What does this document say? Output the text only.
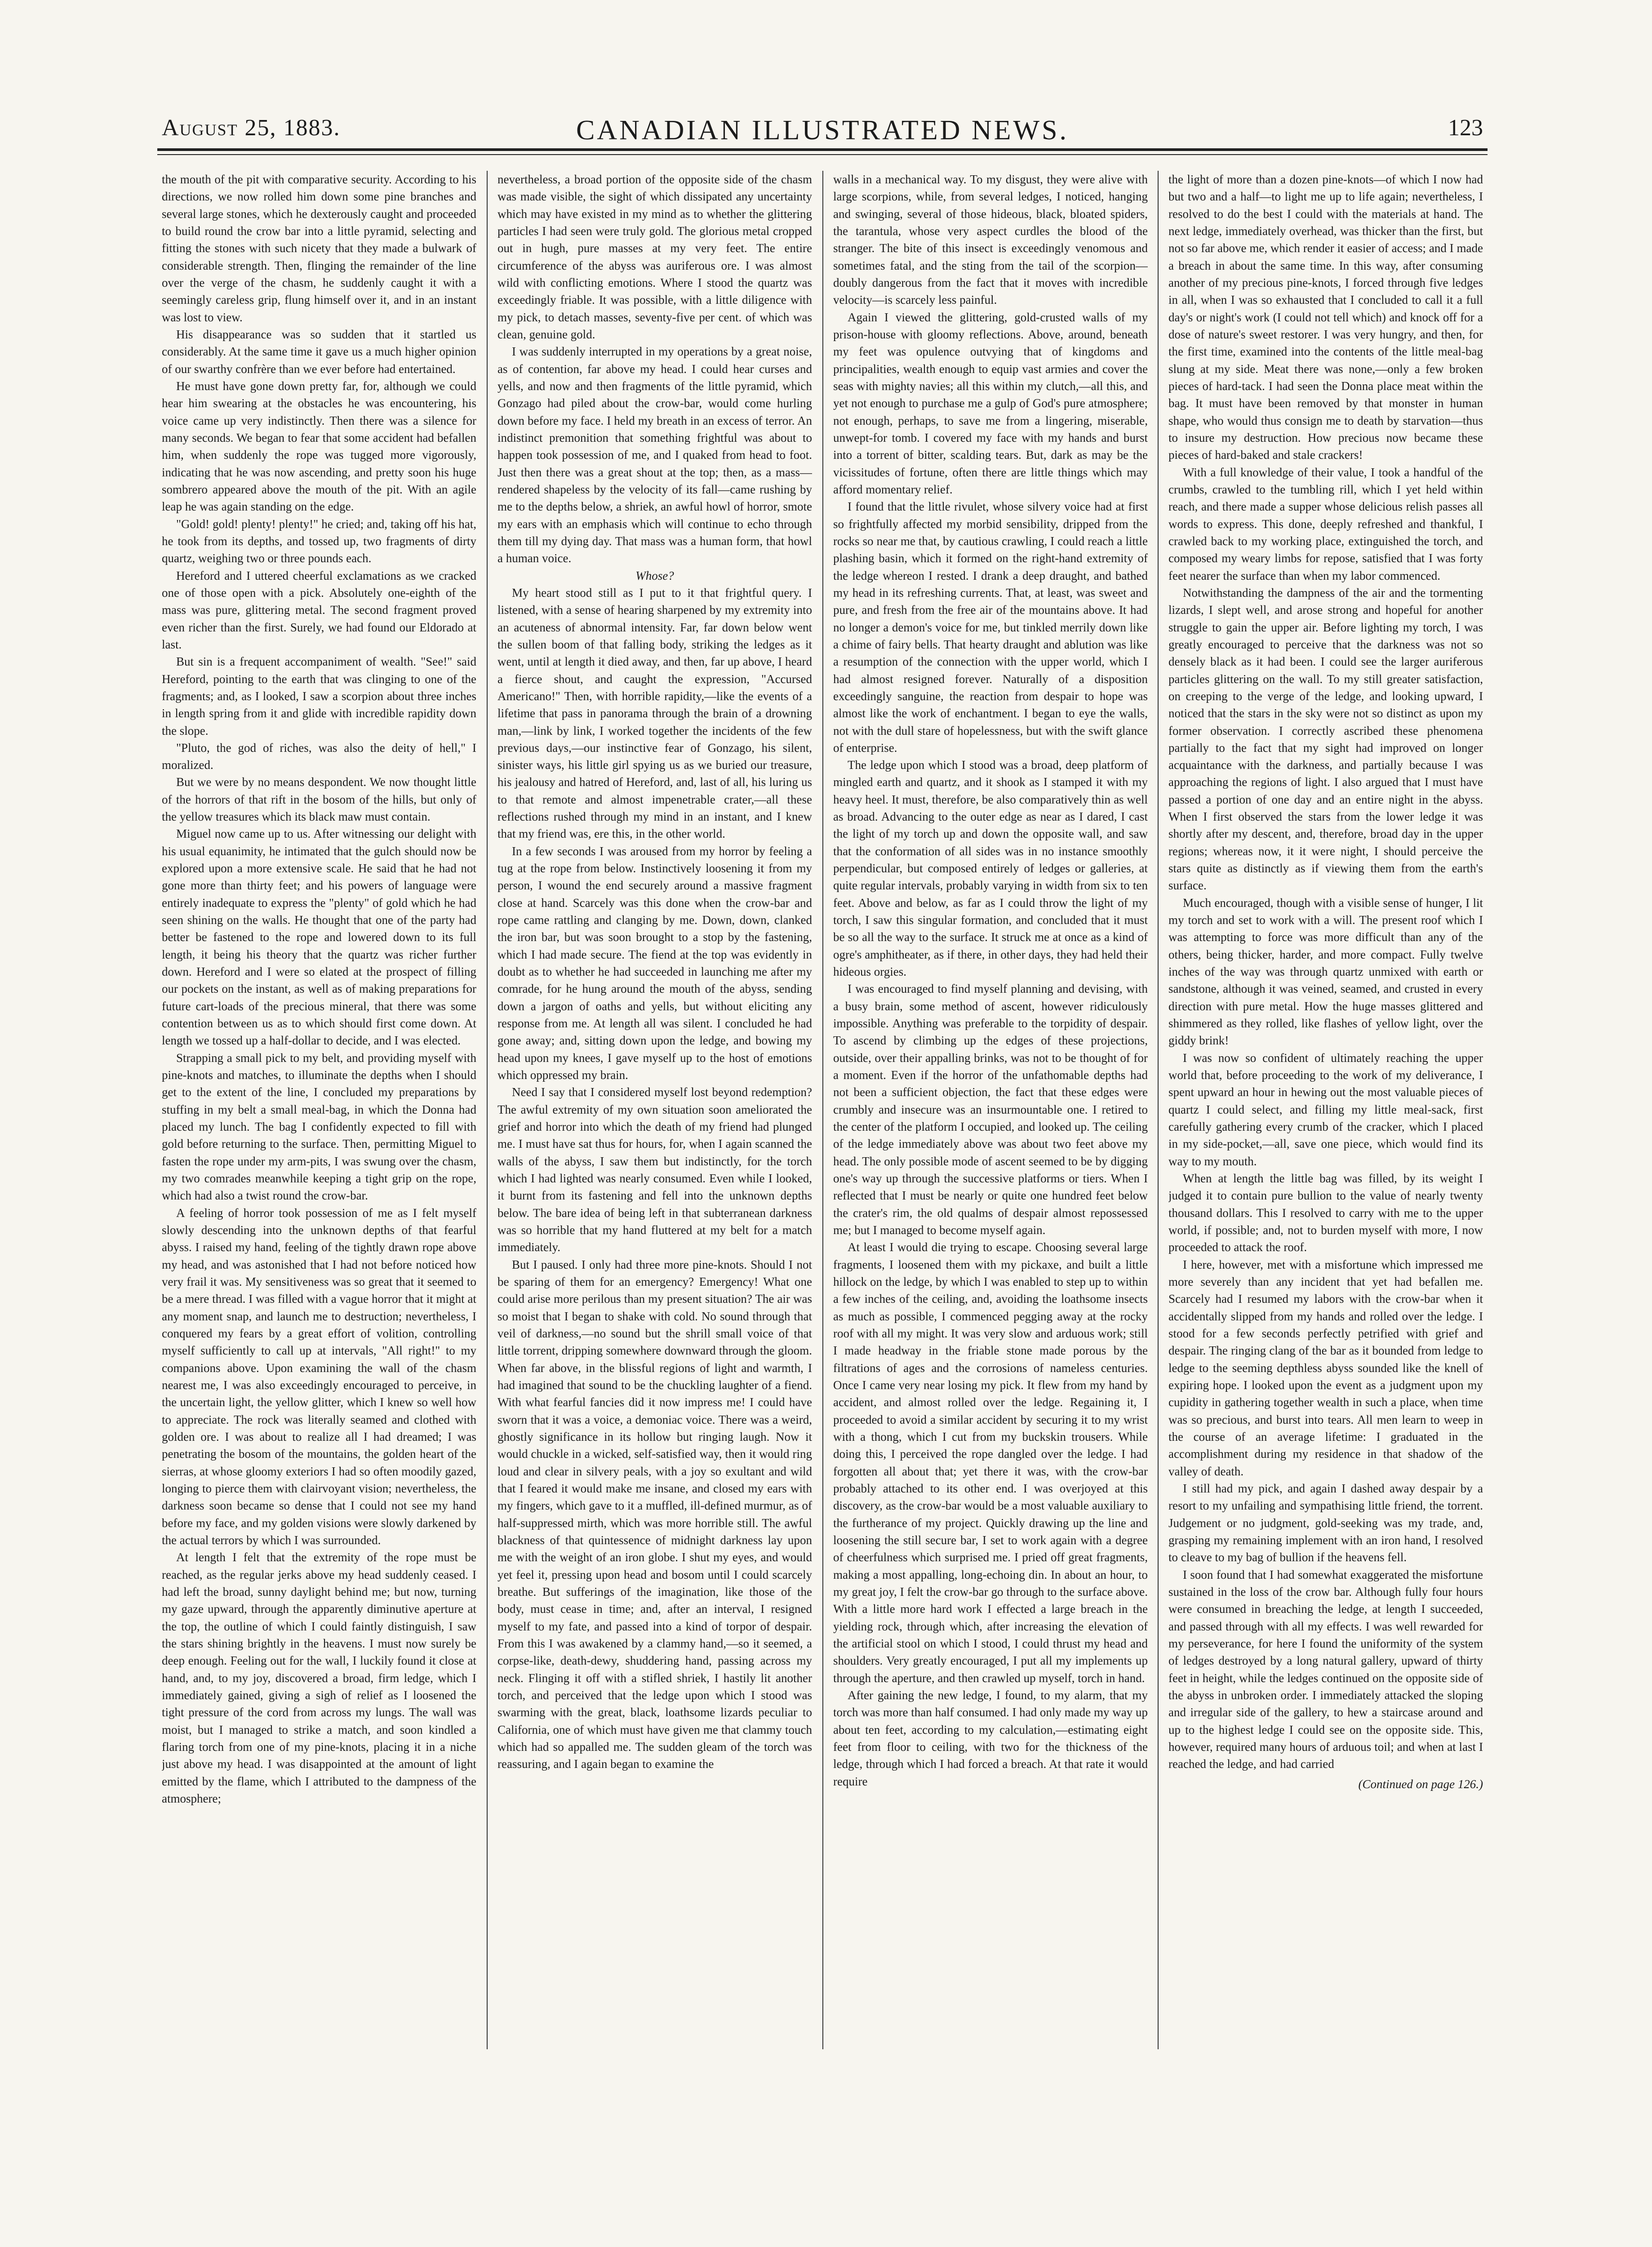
August 25, 1883.	CANADIAN ILLUSTRATED NEWS.	123

the mouth of the pit with comparative security. According to his directions, we now rolled him down some pine branches and several large stones, which he dexterously caught and proceeded to build round the crow bar into a little pyramid, selecting and fitting the stones with such nicety that they made a bulwark of considerable strength. Then, flinging the remainder of the line over the verge of the chasm, he suddenly caught it with a seemingly careless grip, flung himself over it, and in an instant was lost to view.

His disappearance was so sudden that it startled us considerably. At the same time it gave us a much higher opinion of our swarthy confrère than we ever before had entertained.

He must have gone down pretty far, for, although we could hear him swearing at the obstacles he was encountering, his voice came up very indistinctly. Then there was a silence for many seconds. We began to fear that some accident had befallen him, when suddenly the rope was tugged more vigorously, indicating that he was now ascending, and pretty soon his huge sombrero appeared above the mouth of the pit. With an agile leap he was again standing on the edge.

"Gold! gold! plenty! plenty!" he cried; and, taking off his hat, he took from its depths, and tossed up, two fragments of dirty quartz, weighing two or three pounds each.

Hereford and I uttered cheerful exclamations as we cracked one of those open with a pick. Absolutely one-eighth of the mass was pure, glittering metal. The second fragment proved even richer than the first. Surely, we had found our Eldorado at last.

But sin is a frequent accompaniment of wealth. "See!" said Hereford, pointing to the earth that was clinging to one of the fragments; and, as I looked, I saw a scorpion about three inches in length spring from it and glide with incredible rapidity down the slope.

"Pluto, the god of riches, was also the deity of hell," I moralized.

But we were by no means despondent. We now thought little of the horrors of that rift in the bosom of the hills, but only of the yellow treasures which its black maw must contain.

Miguel now came up to us. After witnessing our delight with his usual equanimity, he intimated that the gulch should now be explored upon a more extensive scale. He said that he had not gone more than thirty feet; and his powers of language were entirely inadequate to express the "plenty" of gold which he had seen shining on the walls. He thought that one of the party had better be fastened to the rope and lowered down to its full length, it being his theory that the quartz was richer further down. Hereford and I were so elated at the prospect of filling our pockets on the instant, as well as of making preparations for future cart-loads of the precious mineral, that there was some contention between us as to which should first come down. At length we tossed up a half-dollar to decide, and I was elected.

Strapping a small pick to my belt, and providing myself with pine-knots and matches, to illuminate the depths when I should get to the extent of the line, I concluded my preparations by stuffing in my belt a small meal-bag, in which the Donna had placed my lunch. The bag I confidently expected to fill with gold before returning to the surface. Then, permitting Miguel to fasten the rope under my arm-pits, I was swung over the chasm, my two comrades meanwhile keeping a tight grip on the rope, which had also a twist round the crow-bar.

A feeling of horror took possession of me as I felt myself slowly descending into the unknown depths of that fearful abyss. I raised my hand, feeling of the tightly drawn rope above my head, and was astonished that I had not before noticed how very frail it was. My sensitiveness was so great that it seemed to be a mere thread. I was filled with a vague horror that it might at any moment snap, and launch me to destruction; nevertheless, I conquered my fears by a great effort of volition, controlling myself sufficiently to call up at intervals, "All right!" to my companions above. Upon examining the wall of the chasm nearest me, I was also exceedingly encouraged to perceive, in the uncertain light, the yellow glitter, which I knew so well how to appreciate. The rock was literally seamed and clothed with golden ore. I was about to realize all I had dreamed; I was penetrating the bosom of the mountains, the golden heart of the sierras, at whose gloomy exteriors I had so often moodily gazed, longing to pierce them with clairvoyant vision; nevertheless, the darkness soon became so dense that I could not see my hand before my face, and my golden visions were slowly darkened by the actual terrors by which I was surrounded.

At length I felt that the extremity of the rope must be reached, as the regular jerks above my head suddenly ceased. I had left the broad, sunny daylight behind me; but now, turning my gaze upward, through the apparently diminutive aperture at the top, the outline of which I could faintly distinguish, I saw the stars shining brightly in the heavens. I must now surely be deep enough. Feeling out for the wall, I luckily found it close at hand, and, to my joy, discovered a broad, firm ledge, which I immediately gained, giving a sigh of relief as I loosened the tight pressure of the cord from across my lungs. The wall was moist, but I managed to strike a match, and soon kindled a flaring torch from one of my pine-knots, placing it in a niche just above my head. I was disappointed at the amount of light emitted by the flame, which I attributed to the dampness of the atmosphere;

nevertheless, a broad portion of the opposite side of the chasm was made visible, the sight of which dissipated any uncertainty which may have existed in my mind as to whether the glittering particles I had seen were truly gold. The glorious metal cropped out in hugh, pure masses at my very feet. The entire circumference of the abyss was auriferous ore. I was almost wild with conflicting emotions. Where I stood the quartz was exceedingly friable. It was possible, with a little diligence with my pick, to detach masses, seventy-five per cent. of which was clean, genuine gold.

I was suddenly interrupted in my operations by a great noise, as of contention, far above my head. I could hear curses and yells, and now and then fragments of the little pyramid, which Gonzago had piled about the crow-bar, would come hurling down before my face. I held my breath in an excess of terror. An indistinct premonition that something frightful was about to happen took possession of me, and I quaked from head to foot. Just then there was a great shout at the top; then, as a mass—rendered shapeless by the velocity of its fall—came rushing by me to the depths below, a shriek, an awful howl of horror, smote my ears with an emphasis which will continue to echo through them till my dying day. That mass was a human form, that howl a human voice.

Whose?

My heart stood still as I put to it that frightful query. I listened, with a sense of hearing sharpened by my extremity into an acuteness of abnormal intensity. Far, far down below went the sullen boom of that falling body, striking the ledges as it went, until at length it died away, and then, far up above, I heard a fierce shout, and caught the expression, "Accursed Americano!" Then, with horrible rapidity,—like the events of a lifetime that pass in panorama through the brain of a drowning man,—link by link, I worked together the incidents of the few previous days,—our instinctive fear of Gonzago, his silent, sinister ways, his little girl spying us as we buried our treasure, his jealousy and hatred of Hereford, and, last of all, his luring us to that remote and almost impenetrable crater,—all these reflections rushed through my mind in an instant, and I knew that my friend was, ere this, in the other world.

In a few seconds I was aroused from my horror by feeling a tug at the rope from below. Instinctively loosening it from my person, I wound the end securely around a massive fragment close at hand. Scarcely was this done when the crow-bar and rope came rattling and clanging by me. Down, down, clanked the iron bar, but was soon brought to a stop by the fastening, which I had made secure. The fiend at the top was evidently in doubt as to whether he had succeeded in launching me after my comrade, for he hung around the mouth of the abyss, sending down a jargon of oaths and yells, but without eliciting any response from me. At length all was silent. I concluded he had gone away; and, sitting down upon the ledge, and bowing my head upon my knees, I gave myself up to the host of emotions which oppressed my brain.

Need I say that I considered myself lost beyond redemption? The awful extremity of my own situation soon ameliorated the grief and horror into which the death of my friend had plunged me. I must have sat thus for hours, for, when I again scanned the walls of the abyss, I saw them but indistinctly, for the torch which I had lighted was nearly consumed. Even while I looked, it burnt from its fastening and fell into the unknown depths below. The bare idea of being left in that subterranean darkness was so horrible that my hand fluttered at my belt for a match immediately.

But I paused. I only had three more pine-knots. Should I not be sparing of them for an emergency? Emergency! What one could arise more perilous than my present situation? The air was so moist that I began to shake with cold. No sound through that veil of darkness,—no sound but the shrill small voice of that little torrent, dripping somewhere downward through the gloom. When far above, in the blissful regions of light and warmth, I had imagined that sound to be the chuckling laughter of a fiend. With what fearful fancies did it now impress me! I could have sworn that it was a voice, a demoniac voice. There was a weird, ghostly significance in its hollow but ringing laugh. Now it would chuckle in a wicked, self-satisfied way, then it would ring loud and clear in silvery peals, with a joy so exultant and wild that I feared it would make me insane, and closed my ears with my fingers, which gave to it a muffled, ill-defined murmur, as of half-suppressed mirth, which was more horrible still. The awful blackness of that quintessence of midnight darkness lay upon me with the weight of an iron globe. I shut my eyes, and would yet feel it, pressing upon head and bosom until I could scarcely breathe. But sufferings of the imagination, like those of the body, must cease in time; and, after an interval, I resigned myself to my fate, and passed into a kind of torpor of despair. From this I was awakened by a clammy hand,—so it seemed, a corpse-like, death-dewy, shuddering hand, passing across my neck. Flinging it off with a stifled shriek, I hastily lit another torch, and perceived that the ledge upon which I stood was swarming with the great, black, loathsome lizards peculiar to California, one of which must have given me that clammy touch which had so appalled me. The sudden gleam of the torch was reassuring, and I again began to examine the

walls in a mechanical way. To my disgust, they were alive with large scorpions, while, from several ledges, I noticed, hanging and swinging, several of those hideous, black, bloated spiders, the tarantula, whose very aspect curdles the blood of the stranger. The bite of this insect is exceedingly venomous and sometimes fatal, and the sting from the tail of the scorpion—doubly dangerous from the fact that it moves with incredible velocity—is scarcely less painful.

Again I viewed the glittering, gold-crusted walls of my prison-house with gloomy reflections. Above, around, beneath my feet was opulence outvying that of kingdoms and principalities, wealth enough to equip vast armies and cover the seas with mighty navies; all this within my clutch,—all this, and yet not enough to purchase me a gulp of God's pure atmosphere; not enough, perhaps, to save me from a lingering, miserable, unwept-for tomb. I covered my face with my hands and burst into a torrent of bitter, scalding tears. But, dark as may be the vicissitudes of fortune, often there are little things which may afford momentary relief.

I found that the little rivulet, whose silvery voice had at first so frightfully affected my morbid sensibility, dripped from the rocks so near me that, by cautious crawling, I could reach a little plashing basin, which it formed on the right-hand extremity of the ledge whereon I rested. I drank a deep draught, and bathed my head in its refreshing currents. That, at least, was sweet and pure, and fresh from the free air of the mountains above. It had no longer a demon's voice for me, but tinkled merrily down like a chime of fairy bells. That hearty draught and ablution was like a resumption of the connection with the upper world, which I had almost resigned forever. Naturally of a disposition exceedingly sanguine, the reaction from despair to hope was almost like the work of enchantment. I began to eye the walls, not with the dull stare of hopelessness, but with the swift glance of enterprise.

The ledge upon which I stood was a broad, deep platform of mingled earth and quartz, and it shook as I stamped it with my heavy heel. It must, therefore, be also comparatively thin as well as broad. Advancing to the outer edge as near as I dared, I cast the light of my torch up and down the opposite wall, and saw that the conformation of all sides was in no instance smoothly perpendicular, but composed entirely of ledges or galleries, at quite regular intervals, probably varying in width from six to ten feet. Above and below, as far as I could throw the light of my torch, I saw this singular formation, and concluded that it must be so all the way to the surface. It struck me at once as a kind of ogre's amphitheater, as if there, in other days, they had held their hideous orgies.

I was encouraged to find myself planning and devising, with a busy brain, some method of ascent, however ridiculously impossible. Anything was preferable to the torpidity of despair. To ascend by climbing up the edges of these projections, outside, over their appalling brinks, was not to be thought of for a moment. Even if the horror of the unfathomable depths had not been a sufficient objection, the fact that these edges were crumbly and insecure was an insurmountable one. I retired to the center of the platform I occupied, and looked up. The ceiling of the ledge immediately above was about two feet above my head. The only possible mode of ascent seemed to be by digging one's way up through the successive platforms or tiers. When I reflected that I must be nearly or quite one hundred feet below the crater's rim, the old qualms of despair almost repossessed me; but I managed to become myself again.

At least I would die trying to escape. Choosing several large fragments, I loosened them with my pickaxe, and built a little hillock on the ledge, by which I was enabled to step up to within a few inches of the ceiling, and, avoiding the loathsome insects as much as possible, I commenced pegging away at the rocky roof with all my might. It was very slow and arduous work; still I made headway in the friable stone made porous by the filtrations of ages and the corrosions of nameless centuries. Once I came very near losing my pick. It flew from my hand by accident, and almost rolled over the ledge. Regaining it, I proceeded to avoid a similar accident by securing it to my wrist with a thong, which I cut from my buckskin trousers. While doing this, I perceived the rope dangled over the ledge. I had forgotten all about that; yet there it was, with the crow-bar probably attached to its other end. I was overjoyed at this discovery, as the crow-bar would be a most valuable auxiliary to the furtherance of my project. Quickly drawing up the line and loosening the still secure bar, I set to work again with a degree of cheerfulness which surprised me. I pried off great fragments, making a most appalling, long-echoing din. In about an hour, to my great joy, I felt the crow-bar go through to the surface above. With a little more hard work I effected a large breach in the yielding rock, through which, after increasing the elevation of the artificial stool on which I stood, I could thrust my head and shoulders. Very greatly encouraged, I put all my implements up through the aperture, and then crawled up myself, torch in hand.

After gaining the new ledge, I found, to my alarm, that my torch was more than half consumed. I had only made my way up about ten feet, according to my calculation,—estimating eight feet from floor to ceiling, with two for the thickness of the ledge, through which I had forced a breach. At that rate it would require

the light of more than a dozen pine-knots—of which I now had but two and a half—to light me up to life again; nevertheless, I resolved to do the best I could with the materials at hand. The next ledge, immediately overhead, was thicker than the first, but not so far above me, which render it easier of access; and I made a breach in about the same time. In this way, after consuming another of my precious pine-knots, I forced through five ledges in all, when I was so exhausted that I concluded to call it a full day's or night's work (I could not tell which) and knock off for a dose of nature's sweet restorer. I was very hungry, and then, for the first time, examined into the contents of the little meal-bag slung at my side. Meat there was none,—only a few broken pieces of hard-tack. I had seen the Donna place meat within the bag. It must have been removed by that monster in human shape, who would thus consign me to death by starvation—thus to insure my destruction. How precious now became these pieces of hard-baked and stale crackers!

With a full knowledge of their value, I took a handful of the crumbs, crawled to the tumbling rill, which I yet held within reach, and there made a supper whose delicious relish passes all words to express. This done, deeply refreshed and thankful, I crawled back to my working place, extinguished the torch, and composed my weary limbs for repose, satisfied that I was forty feet nearer the surface than when my labor commenced.

Notwithstanding the dampness of the air and the tormenting lizards, I slept well, and arose strong and hopeful for another struggle to gain the upper air. Before lighting my torch, I was greatly encouraged to perceive that the darkness was not so densely black as it had been. I could see the larger auriferous particles glittering on the wall. To my still greater satisfaction, on creeping to the verge of the ledge, and looking upward, I noticed that the stars in the sky were not so distinct as upon my former observation. I correctly ascribed these phenomena partially to the fact that my sight had improved on longer acquaintance with the darkness, and partially because I was approaching the regions of light. I also argued that I must have passed a portion of one day and an entire night in the abyss. When I first observed the stars from the lower ledge it was shortly after my descent, and, therefore, broad day in the upper regions; whereas now, it it were night, I should perceive the stars quite as distinctly as if viewing them from the earth's surface.

Much encouraged, though with a visible sense of hunger, I lit my torch and set to work with a will. The present roof which I was attempting to force was more difficult than any of the others, being thicker, harder, and more compact. Fully twelve inches of the way was through quartz unmixed with earth or sandstone, although it was veined, seamed, and crusted in every direction with pure metal. How the huge masses glittered and shimmered as they rolled, like flashes of yellow light, over the giddy brink!

I was now so confident of ultimately reaching the upper world that, before proceeding to the work of my deliverance, I spent upward an hour in hewing out the most valuable pieces of quartz I could select, and filling my little meal-sack, first carefully gathering every crumb of the cracker, which I placed in my side-pocket,—all, save one piece, which would find its way to my mouth.

When at length the little bag was filled, by its weight I judged it to contain pure bullion to the value of nearly twenty thousand dollars. This I resolved to carry with me to the upper world, if possible; and, not to burden myself with more, I now proceeded to attack the roof.

I here, however, met with a misfortune which impressed me more severely than any incident that yet had befallen me. Scarcely had I resumed my labors with the crow-bar when it accidentally slipped from my hands and rolled over the ledge. I stood for a few seconds perfectly petrified with grief and despair. The ringing clang of the bar as it bounded from ledge to ledge to the seeming depthless abyss sounded like the knell of expiring hope. I looked upon the event as a judgment upon my cupidity in gathering together wealth in such a place, when time was so precious, and burst into tears. All men learn to weep in the course of an average lifetime: I graduated in the accomplishment during my residence in that shadow of the valley of death.

I still had my pick, and again I dashed away despair by a resort to my unfailing and sympathising little friend, the torrent. Judgement or no judgment, gold-seeking was my trade, and, grasping my remaining implement with an iron hand, I resolved to cleave to my bag of bullion if the heavens fell.

I soon found that I had somewhat exaggerated the misfortune sustained in the loss of the crow bar. Although fully four hours were consumed in breaching the ledge, at length I succeeded, and passed through with all my effects. I was well rewarded for my perseverance, for here I found the uniformity of the system of ledges destroyed by a long natural gallery, upward of thirty feet in height, while the ledges continued on the opposite side of the abyss in unbroken order. I immediately attacked the sloping and irregular side of the gallery, to hew a staircase around and up to the highest ledge I could see on the opposite side. This, however, required many hours of arduous toil; and when at last I reached the ledge, and had carried

(Continued on page 126.)
